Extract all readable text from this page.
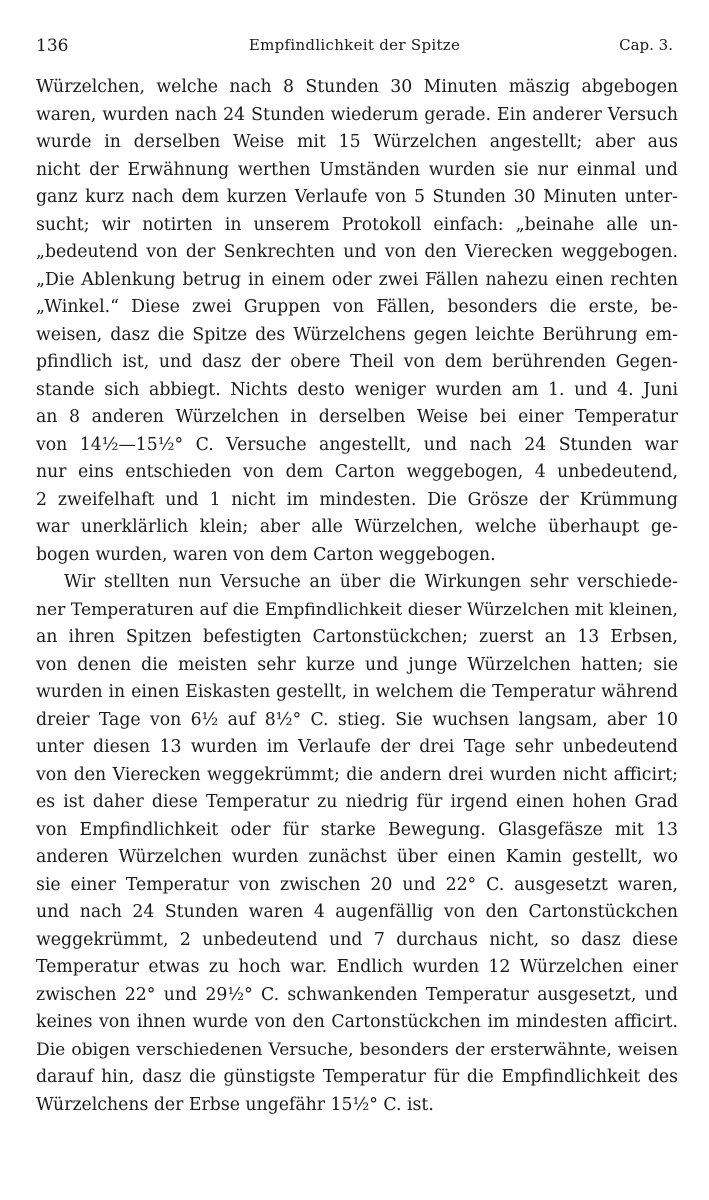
136	Empfindlichkeit der Spitze	Cap. 3.
Würzelchen, welche nach 8 Stunden 30 Minuten mäszig abgebogen
waren, wurden nach 24 Stunden wiederum gerade. Ein anderer Versuch
wurde in derselben Weise mit 15 Würzelchen angestellt; aber aus
nicht der Erwähnung werthen Umständen wurden sie nur einmal und
ganz kurz nach dem kurzen Verlaufe von 5 Stunden 30 Minuten unter-
sucht; wir notirten in unserem Protokoll einfach: „beinahe alle un-
„bedeutend von der Senkrechten und von den Vierecken weggebogen.
„Die Ablenkung betrug in einem oder zwei Fällen nahezu einen rechten
„Winkel.“ Diese zwei Gruppen von Fällen, besonders die erste, be-
weisen, dasz die Spitze des Würzelchens gegen leichte Berührung em-
pfindlich ist, und dasz der obere Theil von dem berührenden Gegen-
stande sich abbiegt. Nichts desto weniger wurden am 1. und 4. Juni
an 8 anderen Würzelchen in derselben Weise bei einer Temperatur
von 14½—15½° C. Versuche angestellt, und nach 24 Stunden war
nur eins entschieden von dem Carton weggebogen, 4 unbedeutend,
2 zweifelhaft und 1 nicht im mindesten. Die Grösze der Krümmung
war unerklärlich klein; aber alle Würzelchen, welche überhaupt ge-
bogen wurden, waren von dem Carton weggebogen.
Wir stellten nun Versuche an über die Wirkungen sehr verschiede-
ner Temperaturen auf die Empfindlichkeit dieser Würzelchen mit kleinen,
an ihren Spitzen befestigten Cartonstückchen; zuerst an 13 Erbsen,
von denen die meisten sehr kurze und junge Würzelchen hatten; sie
wurden in einen Eiskasten gestellt, in welchem die Temperatur während
dreier Tage von 6½ auf 8½° C. stieg. Sie wuchsen langsam, aber 10
unter diesen 13 wurden im Verlaufe der drei Tage sehr unbedeutend
von den Vierecken weggekrümmt; die andern drei wurden nicht afficirt;
es ist daher diese Temperatur zu niedrig für irgend einen hohen Grad
von Empfindlichkeit oder für starke Bewegung. Glasgefäsze mit 13
anderen Würzelchen wurden zunächst über einen Kamin gestellt, wo
sie einer Temperatur von zwischen 20 und 22° C. ausgesetzt waren,
und nach 24 Stunden waren 4 augenfällig von den Cartonstückchen
weggekrümmt, 2 unbedeutend und 7 durchaus nicht, so dasz diese
Temperatur etwas zu hoch war. Endlich wurden 12 Würzelchen einer
zwischen 22° und 29½° C. schwankenden Temperatur ausgesetzt, und
keines von ihnen wurde von den Cartonstückchen im mindesten afficirt.
Die obigen verschiedenen Versuche, besonders der ersterwähnte, weisen
darauf hin, dasz die günstigste Temperatur für die Empfindlichkeit des
Würzelchens der Erbse ungefähr 15½° C. ist.
